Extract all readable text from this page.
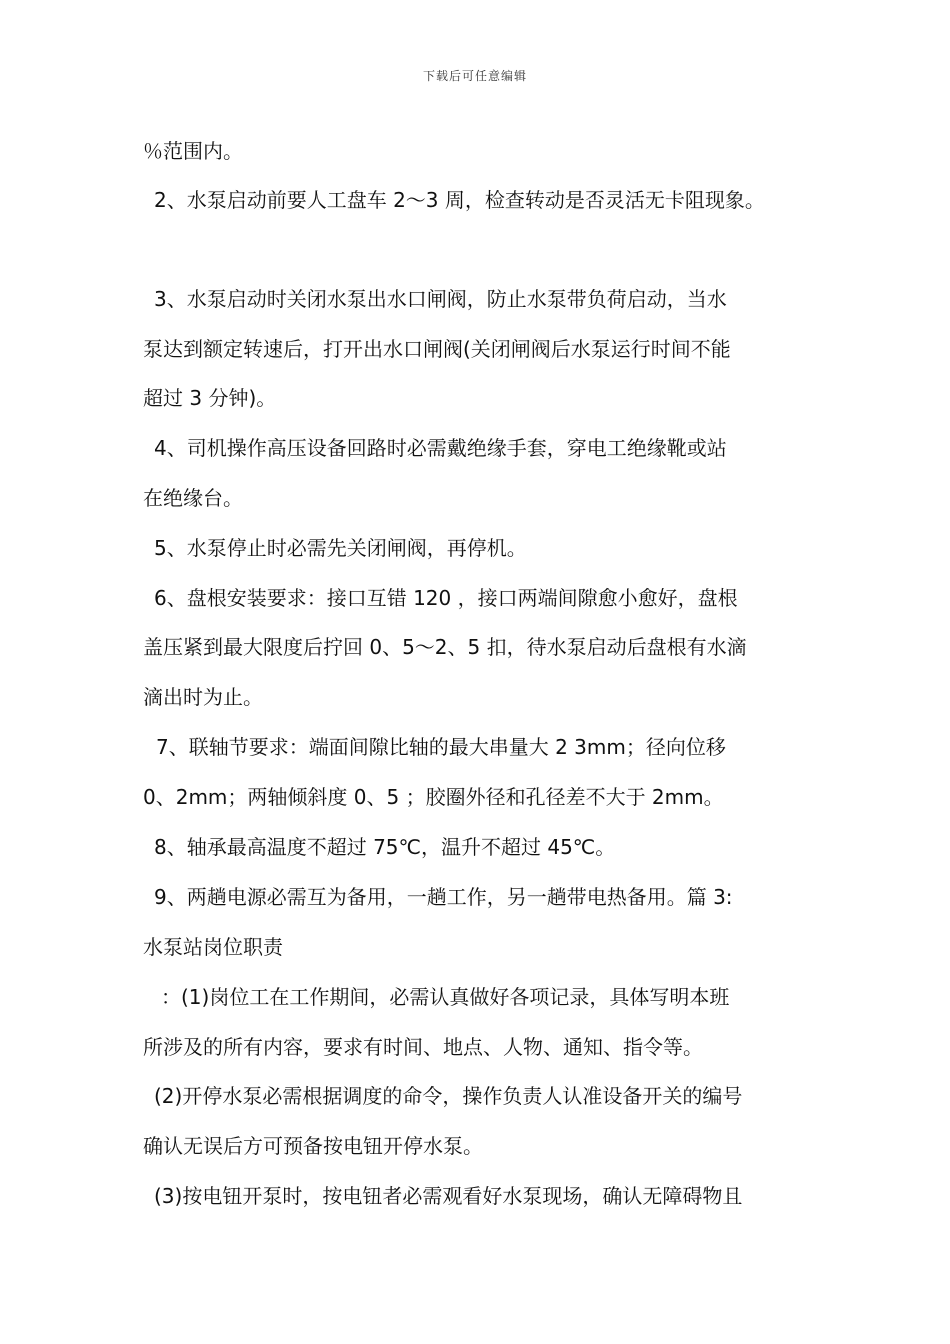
下载后可任意编辑
％范围内。
2、水泵启动前要人工盘车 2～3 周，检查转动是否灵活无卡阻现象。
3、水泵启动时关闭水泵出水口闸阀，防止水泵带负荷启动，当水
泵达到额定转速后，打开出水口闸阀(关闭闸阀后水泵运行时间不能
超过 3 分钟)。
4、司机操作高压设备回路时必需戴绝缘手套，穿电工绝缘靴或站
在绝缘台。
5、水泵停止时必需先关闭闸阀，再停机。
6、盘根安装要求：接口互错 120 ，接口两端间隙愈小愈好，盘根
盖压紧到最大限度后拧回 0、5～2、5 扣，待水泵启动后盘根有水滴
滴出时为止。
7、联轴节要求：端面间隙比轴的最大串量大 2 3mm；径向位移
0、2mm；两轴倾斜度 0、5 ；胶圈外径和孔径差不大于 2mm。
8、轴承最高温度不超过 75℃，温升不超过 45℃。
9、两趟电源必需互为备用，一趟工作，另一趟带电热备用。篇 3:
水泵站岗位职责
：(1)岗位工在工作期间，必需认真做好各项记录，具体写明本班
所涉及的所有内容，要求有时间、地点、人物、通知、指令等。
(2)开停水泵必需根据调度的命令，操作负责人认准设备开关的编号
确认无误后方可预备按电钮开停水泵。
(3)按电钮开泵时，按电钮者必需观看好水泵现场，确认无障碍物且
